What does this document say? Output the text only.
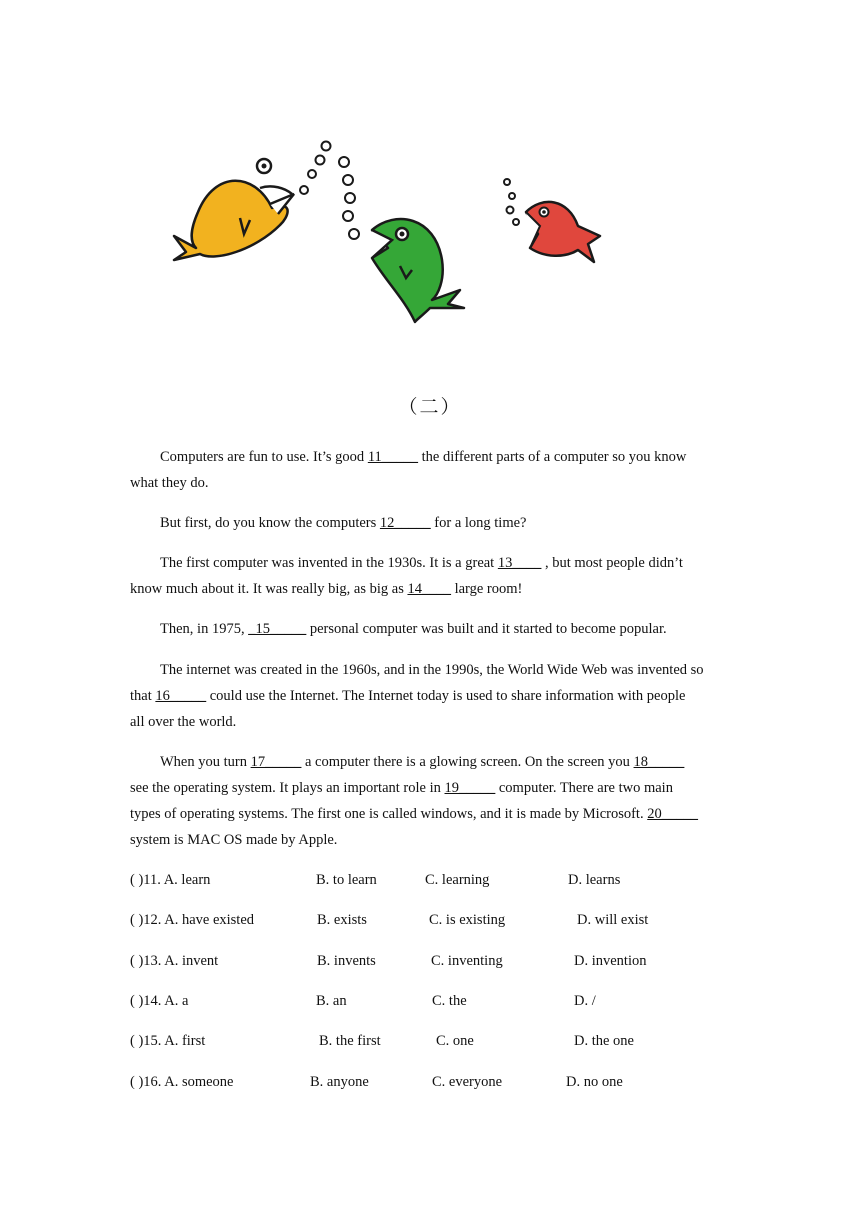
（二）

Computers are fun to use. It’s good 11_____ the different parts of a computer so you know

what they do.

But first, do you know the computers 12_____ for a long time?

The first computer was invented in the 1930s. It is a great 13____ , but most people didn’t

know much about it. It was really big, as big as 14____ large room!

Then, in 1975, _15_____ personal computer was built and it started to become popular.

The internet was created in the 1960s, and in the 1990s, the World Wide Web was invented so

that 16_____ could use the Internet. The Internet today is used to share information with people

all over the world.

When you turn 17_____ a computer there is a glowing screen. On the screen you 18_____

see the operating system. It plays an important role in 19_____ computer. There are two main

types of operating systems. The first one is called windows, and it is made by Microsoft. 20_____

system is MAC OS made by Apple.

( )11. A. learn	B. to learn	C. learning	D. learns
( )12. A. have existed	B. exists	C. is existing	D. will exist
( )13. A. invent	B. invents	C. inventing	D. invention
( )14. A. a	B. an	C. the	D. /
( )15. A. first	B. the first	C. one	D. the one
( )16. A. someone	B. anyone	C. everyone	D. no one
